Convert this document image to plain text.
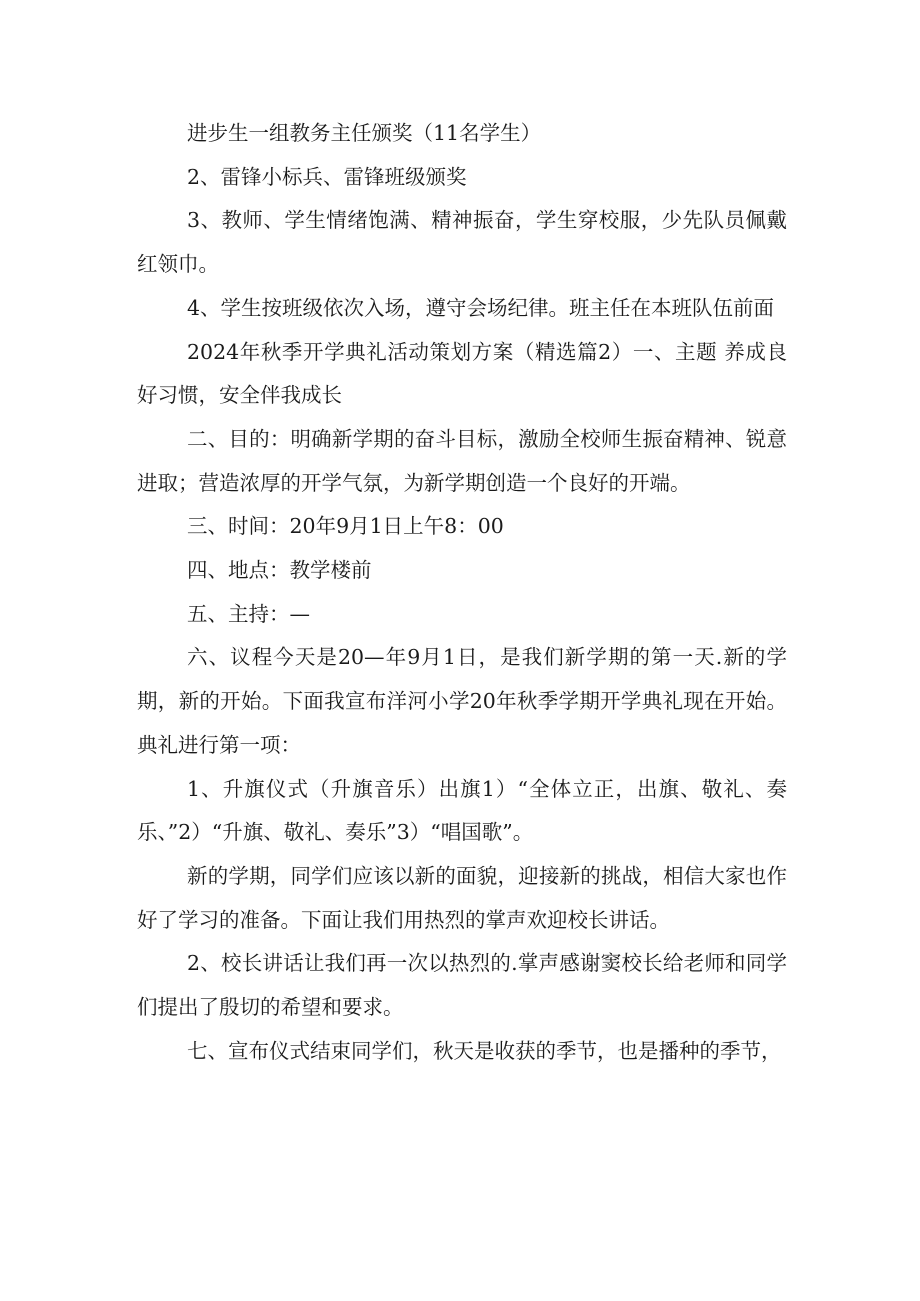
进步生一组教务主任颁奖（11名学生）

2、雷锋小标兵、雷锋班级颁奖

3、教师、学生情绪饱满、精神振奋，学生穿校服，少先队员佩戴红领巾。

4、学生按班级依次入场，遵守会场纪律。班主任在本班队伍前面

2024年秋季开学典礼活动策划方案（精选篇2）一、主题 养成良好习惯，安全伴我成长

二、目的：明确新学期的奋斗目标，激励全校师生振奋精神、锐意进取；营造浓厚的开学气氛，为新学期创造一个良好的开端。

三、时间：20年9月1日上午8：00

四、地点：教学楼前

五、主持：—

六、议程今天是20—年9月1日，是我们新学期的第一天.新的学期，新的开始。下面我宣布洋河小学20年秋季学期开学典礼现在开始。典礼进行第一项：

1、升旗仪式（升旗音乐）出旗1）“全体立正，出旗、敬礼、奏乐、”2）“升旗、敬礼、奏乐”3）“唱国歌”。

新的学期，同学们应该以新的面貌，迎接新的挑战，相信大家也作好了学习的准备。下面让我们用热烈的掌声欢迎校长讲话。

2、校长讲话让我们再一次以热烈的.掌声感谢窦校长给老师和同学们提出了殷切的希望和要求。

七、宣布仪式结束同学们，秋天是收获的季节，也是播种的季节，
